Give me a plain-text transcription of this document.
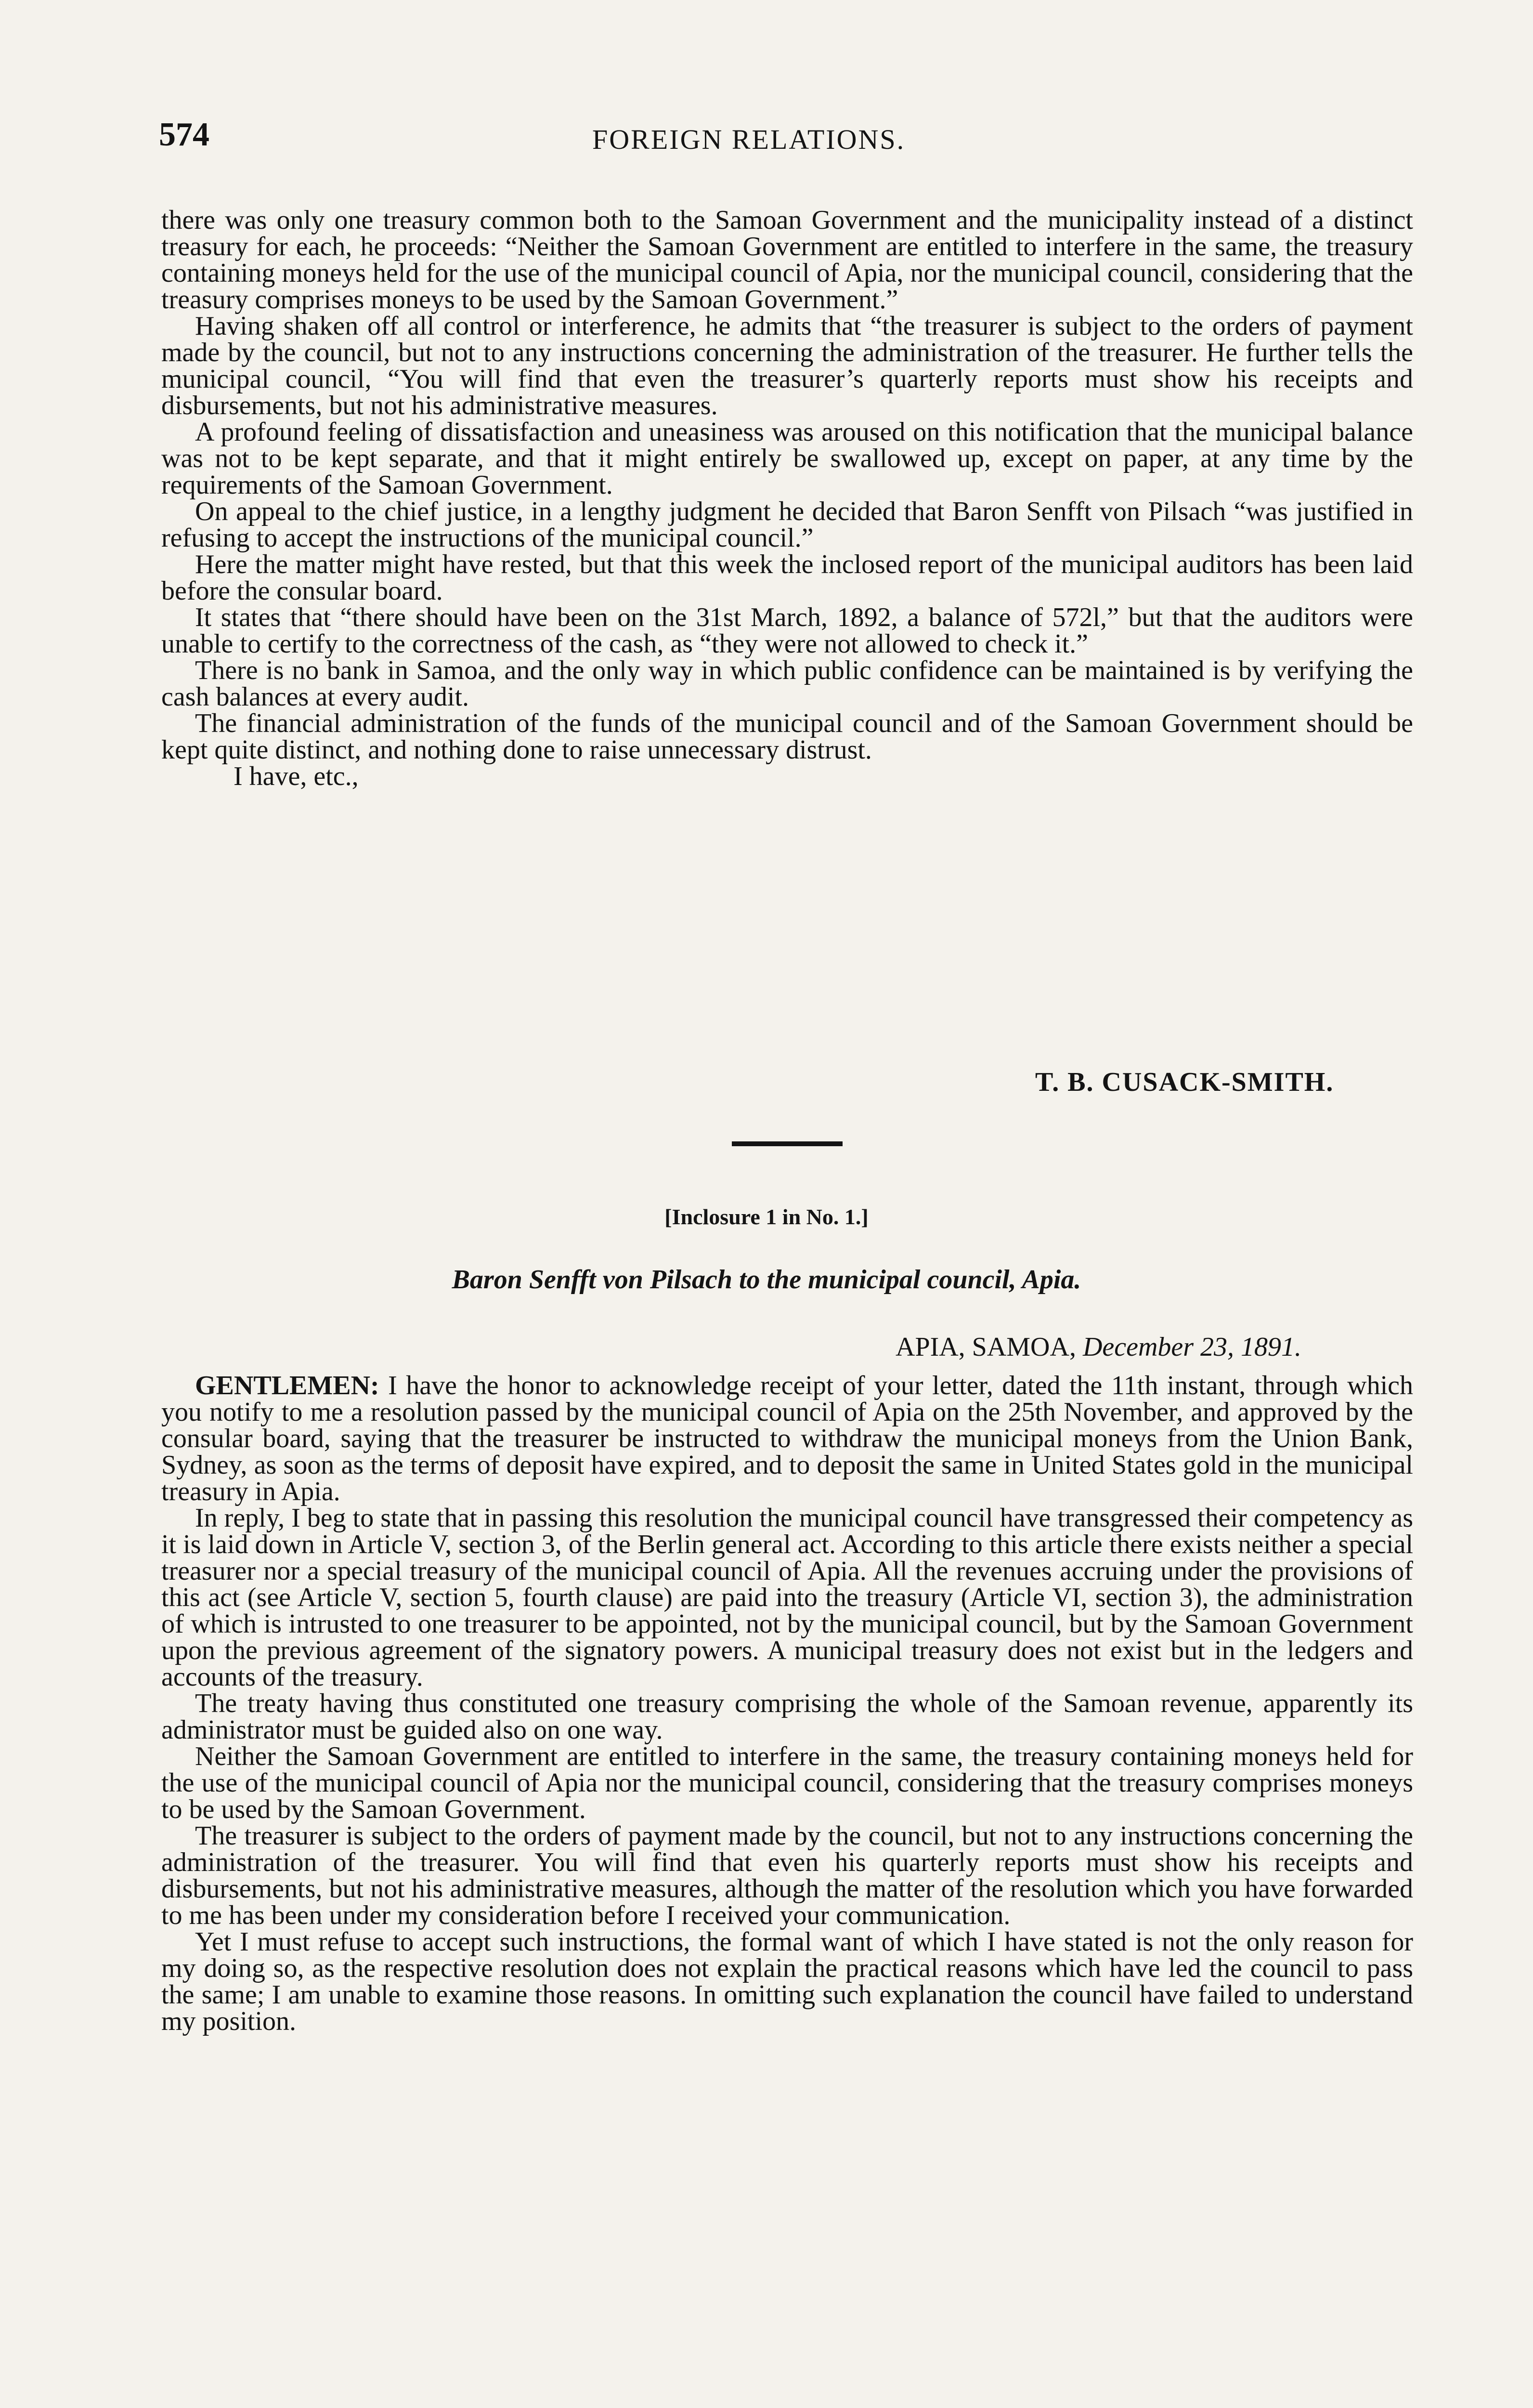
574	FOREIGN RELATIONS.

there was only one treasury common both to the Samoan Government and the municipality instead of a distinct treasury for each, he proceeds: “Neither the Samoan Government are entitled to interfere in the same, the treasury containing moneys held for the use of the municipal council of Apia, nor the municipal council, considering that the treasury comprises moneys to be used by the Samoan Government.”

Having shaken off all control or interference, he admits that “the treasurer is subject to the orders of payment made by the council, but not to any instructions concerning the administration of the treasurer. He further tells the municipal council, “You will find that even the treasurer’s quarterly reports must show his receipts and disbursements, but not his administrative measures.

A profound feeling of dissatisfaction and uneasiness was aroused on this notification that the municipal balance was not to be kept separate, and that it might entirely be swallowed up, except on paper, at any time by the requirements of the Samoan Government.

On appeal to the chief justice, in a lengthy judgment he decided that Baron Senfft von Pilsach “was justified in refusing to accept the instructions of the municipal council.”

Here the matter might have rested, but that this week the inclosed report of the municipal auditors has been laid before the consular board.

It states that “there should have been on the 31st March, 1892, a balance of 572l,” but that the auditors were unable to certify to the correctness of the cash, as “they were not allowed to check it.”

There is no bank in Samoa, and the only way in which public confidence can be maintained is by verifying the cash balances at every audit.

The financial administration of the funds of the municipal council and of the Samoan Government should be kept quite distinct, and nothing done to raise unnecessary distrust.

I have, etc.,

T. B. CUSACK-SMITH.
[Inclosure 1 in No. 1.]
Baron Senfft von Pilsach to the municipal council, Apia.
APIA, SAMOA, December 23, 1891.

GENTLEMEN: I have the honor to acknowledge receipt of your letter, dated the 11th instant, through which you notify to me a resolution passed by the municipal council of Apia on the 25th November, and approved by the consular board, saying that the treasurer be instructed to withdraw the municipal moneys from the Union Bank, Sydney, as soon as the terms of deposit have expired, and to deposit the same in United States gold in the municipal treasury in Apia.

In reply, I beg to state that in passing this resolution the municipal council have transgressed their competency as it is laid down in Article V, section 3, of the Berlin general act. According to this article there exists neither a special treasurer nor a special treasury of the municipal council of Apia. All the revenues accruing under the provisions of this act (see Article V, section 5, fourth clause) are paid into the treasury (Article VI, section 3), the administration of which is intrusted to one treasurer to be appointed, not by the municipal council, but by the Samoan Government upon the previous agreement of the signatory powers. A municipal treasury does not exist but in the ledgers and accounts of the treasury.

The treaty having thus constituted one treasury comprising the whole of the Samoan revenue, apparently its administrator must be guided also on one way.

Neither the Samoan Government are entitled to interfere in the same, the treasury containing moneys held for the use of the municipal council of Apia nor the municipal council, considering that the treasury comprises moneys to be used by the Samoan Government.

The treasurer is subject to the orders of payment made by the council, but not to any instructions concerning the administration of the treasurer. You will find that even his quarterly reports must show his receipts and disbursements, but not his administrative measures, although the matter of the resolution which you have forwarded to me has been under my consideration before I received your communication.

Yet I must refuse to accept such instructions, the formal want of which I have stated is not the only reason for my doing so, as the respective resolution does not explain the practical reasons which have led the council to pass the same; I am unable to examine those reasons. In omitting such explanation the council have failed to understand my position.
